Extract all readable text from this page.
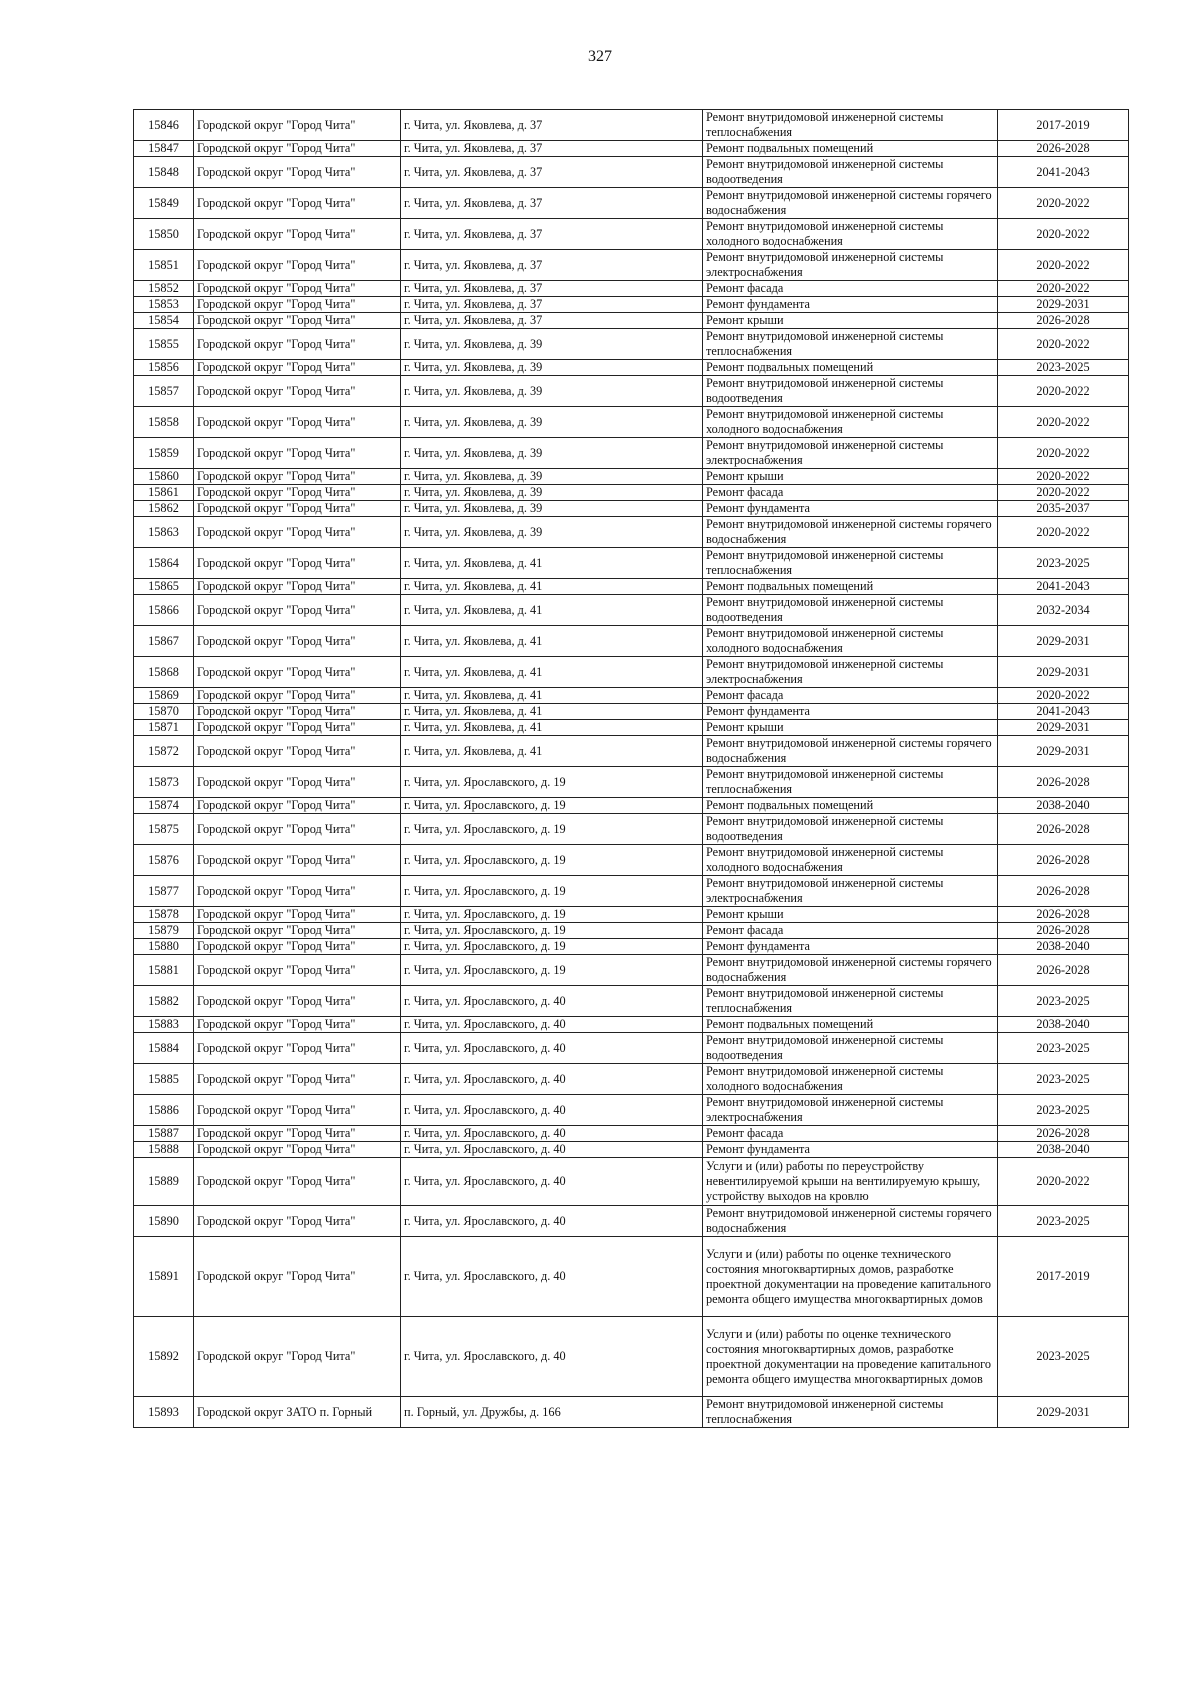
327
15846	Городской округ "Город Чита"	г. Чита, ул. Яковлева, д. 37	Ремонт внутридомовой инженерной системы теплоснабжения	2017-2019
15847	Городской округ "Город Чита"	г. Чита, ул. Яковлева, д. 37	Ремонт подвальных помещений	2026-2028
15848	Городской округ "Город Чита"	г. Чита, ул. Яковлева, д. 37	Ремонт внутридомовой инженерной системы водоотведения	2041-2043
15849	Городской округ "Город Чита"	г. Чита, ул. Яковлева, д. 37	Ремонт внутридомовой инженерной системы горячего водоснабжения	2020-2022
15850	Городской округ "Город Чита"	г. Чита, ул. Яковлева, д. 37	Ремонт внутридомовой инженерной системы холодного водоснабжения	2020-2022
15851	Городской округ "Город Чита"	г. Чита, ул. Яковлева, д. 37	Ремонт внутридомовой инженерной системы электроснабжения	2020-2022
15852	Городской округ "Город Чита"	г. Чита, ул. Яковлева, д. 37	Ремонт фасада	2020-2022
15853	Городской округ "Город Чита"	г. Чита, ул. Яковлева, д. 37	Ремонт фундамента	2029-2031
15854	Городской округ "Город Чита"	г. Чита, ул. Яковлева, д. 37	Ремонт крыши	2026-2028
15855	Городской округ "Город Чита"	г. Чита, ул. Яковлева, д. 39	Ремонт внутридомовой инженерной системы теплоснабжения	2020-2022
15856	Городской округ "Город Чита"	г. Чита, ул. Яковлева, д. 39	Ремонт подвальных помещений	2023-2025
15857	Городской округ "Город Чита"	г. Чита, ул. Яковлева, д. 39	Ремонт внутридомовой инженерной системы водоотведения	2020-2022
15858	Городской округ "Город Чита"	г. Чита, ул. Яковлева, д. 39	Ремонт внутридомовой инженерной системы холодного водоснабжения	2020-2022
15859	Городской округ "Город Чита"	г. Чита, ул. Яковлева, д. 39	Ремонт внутридомовой инженерной системы электроснабжения	2020-2022
15860	Городской округ "Город Чита"	г. Чита, ул. Яковлева, д. 39	Ремонт крыши	2020-2022
15861	Городской округ "Город Чита"	г. Чита, ул. Яковлева, д. 39	Ремонт фасада	2020-2022
15862	Городской округ "Город Чита"	г. Чита, ул. Яковлева, д. 39	Ремонт фундамента	2035-2037
15863	Городской округ "Город Чита"	г. Чита, ул. Яковлева, д. 39	Ремонт внутридомовой инженерной системы горячего водоснабжения	2020-2022
15864	Городской округ "Город Чита"	г. Чита, ул. Яковлева, д. 41	Ремонт внутридомовой инженерной системы теплоснабжения	2023-2025
15865	Городской округ "Город Чита"	г. Чита, ул. Яковлева, д. 41	Ремонт подвальных помещений	2041-2043
15866	Городской округ "Город Чита"	г. Чита, ул. Яковлева, д. 41	Ремонт внутридомовой инженерной системы водоотведения	2032-2034
15867	Городской округ "Город Чита"	г. Чита, ул. Яковлева, д. 41	Ремонт внутридомовой инженерной системы холодного водоснабжения	2029-2031
15868	Городской округ "Город Чита"	г. Чита, ул. Яковлева, д. 41	Ремонт внутридомовой инженерной системы электроснабжения	2029-2031
15869	Городской округ "Город Чита"	г. Чита, ул. Яковлева, д. 41	Ремонт фасада	2020-2022
15870	Городской округ "Город Чита"	г. Чита, ул. Яковлева, д. 41	Ремонт фундамента	2041-2043
15871	Городской округ "Город Чита"	г. Чита, ул. Яковлева, д. 41	Ремонт крыши	2029-2031
15872	Городской округ "Город Чита"	г. Чита, ул. Яковлева, д. 41	Ремонт внутридомовой инженерной системы горячего водоснабжения	2029-2031
15873	Городской округ "Город Чита"	г. Чита, ул. Ярославского, д. 19	Ремонт внутридомовой инженерной системы теплоснабжения	2026-2028
15874	Городской округ "Город Чита"	г. Чита, ул. Ярославского, д. 19	Ремонт подвальных помещений	2038-2040
15875	Городской округ "Город Чита"	г. Чита, ул. Ярославского, д. 19	Ремонт внутридомовой инженерной системы водоотведения	2026-2028
15876	Городской округ "Город Чита"	г. Чита, ул. Ярославского, д. 19	Ремонт внутридомовой инженерной системы холодного водоснабжения	2026-2028
15877	Городской округ "Город Чита"	г. Чита, ул. Ярославского, д. 19	Ремонт внутридомовой инженерной системы электроснабжения	2026-2028
15878	Городской округ "Город Чита"	г. Чита, ул. Ярославского, д. 19	Ремонт крыши	2026-2028
15879	Городской округ "Город Чита"	г. Чита, ул. Ярославского, д. 19	Ремонт фасада	2026-2028
15880	Городской округ "Город Чита"	г. Чита, ул. Ярославского, д. 19	Ремонт фундамента	2038-2040
15881	Городской округ "Город Чита"	г. Чита, ул. Ярославского, д. 19	Ремонт внутридомовой инженерной системы горячего водоснабжения	2026-2028
15882	Городской округ "Город Чита"	г. Чита, ул. Ярославского, д. 40	Ремонт внутридомовой инженерной системы теплоснабжения	2023-2025
15883	Городской округ "Город Чита"	г. Чита, ул. Ярославского, д. 40	Ремонт подвальных помещений	2038-2040
15884	Городской округ "Город Чита"	г. Чита, ул. Ярославского, д. 40	Ремонт внутридомовой инженерной системы водоотведения	2023-2025
15885	Городской округ "Город Чита"	г. Чита, ул. Ярославского, д. 40	Ремонт внутридомовой инженерной системы холодного водоснабжения	2023-2025
15886	Городской округ "Город Чита"	г. Чита, ул. Ярославского, д. 40	Ремонт внутридомовой инженерной системы электроснабжения	2023-2025
15887	Городской округ "Город Чита"	г. Чита, ул. Ярославского, д. 40	Ремонт фасада	2026-2028
15888	Городской округ "Город Чита"	г. Чита, ул. Ярославского, д. 40	Ремонт фундамента	2038-2040
15889	Городской округ "Город Чита"	г. Чита, ул. Ярославского, д. 40	Услуги и (или) работы по переустройству невентилируемой крыши на вентилируемую крышу, устройству выходов на кровлю	2020-2022
15890	Городской округ "Город Чита"	г. Чита, ул. Ярославского, д. 40	Ремонт внутридомовой инженерной системы горячего водоснабжения	2023-2025
15891	Городской округ "Город Чита"	г. Чита, ул. Ярославского, д. 40	Услуги и (или) работы по оценке технического состояния многоквартирных домов, разработке проектной документации на проведение капитального ремонта общего имущества многоквартирных домов	2017-2019
15892	Городской округ "Город Чита"	г. Чита, ул. Ярославского, д. 40	Услуги и (или) работы по оценке технического состояния многоквартирных домов, разработке проектной документации на проведение капитального ремонта общего имущества многоквартирных домов	2023-2025
15893	Городской округ ЗАТО п. Горный	п. Горный, ул. Дружбы, д. 166	Ремонт внутридомовой инженерной системы теплоснабжения	2029-2031
